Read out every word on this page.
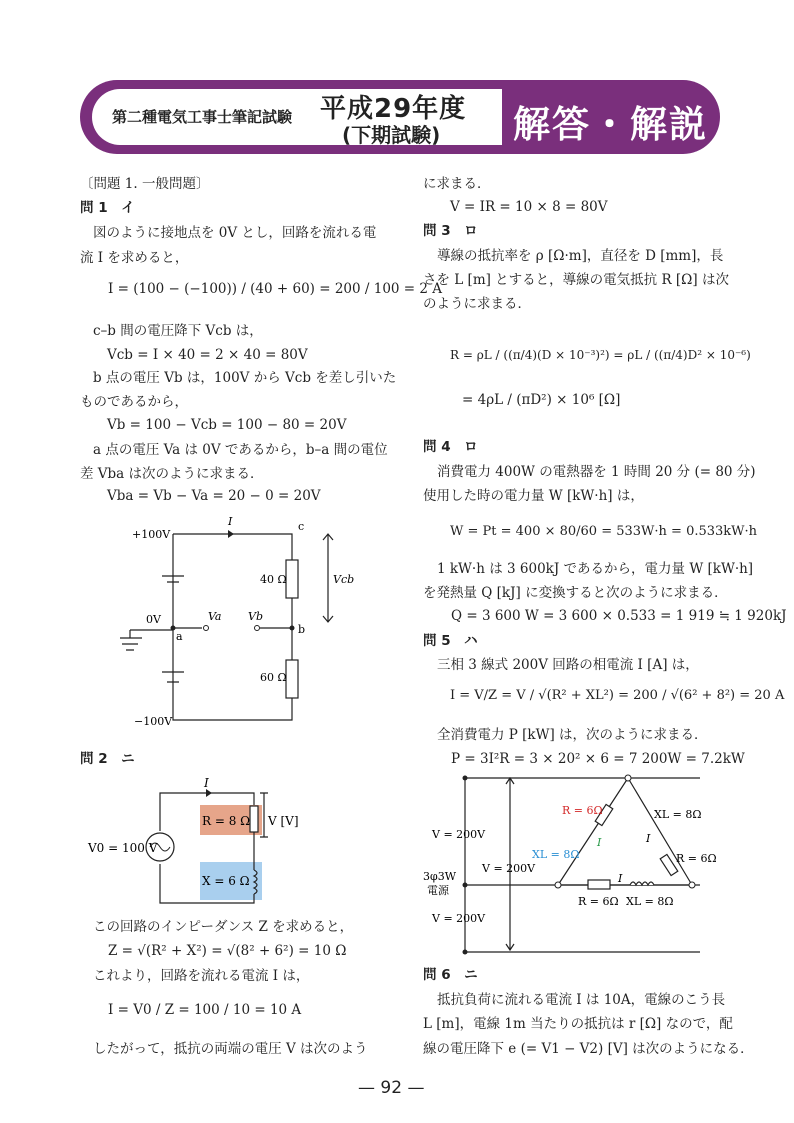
第二種電気工事士筆記試験 平成29年度
(下期試験) 解答・解説
〔問題 1. 一般問題〕
問 1　イ
図のように接地点を 0V とし，回路を流れる電
流 I を求めると，
I = (100 − (−100)) / (40 + 60) = 200 / 100 = 2 A
c–b 間の電圧降下 Vcb は，
Vcb = I × 40 = 2 × 40 = 80V
b 点の電圧 Vb は，100V から Vcb を差し引いた
ものであるから，
Vb = 100 − Vcb = 100 − 80 = 20V
a 点の電圧 Va は 0V であるから，b–a 間の電位
差 Vba は次のように求まる．
Vba = Vb − Va = 20 − 0 = 20V
+100V
−100V
0V
a
b
c
I
40 Ω
60 Ω
Va Vb
Vcb
問 2　ニ
I
R = 8 Ω
X = 6 Ω
V [V]
V0 = 100 V
この回路のインピーダンス Z を求めると，
Z = √(R² + X²) = √(8² + 6²) = 10 Ω
これより，回路を流れる電流 I は，
I = V0 / Z = 100 / 10 = 10 A
したがって，抵抗の両端の電圧 V は次のよう
に求まる．
V = IR = 10 × 8 = 80V
問 3　ロ
導線の抵抗率を ρ [Ω·m]，直径を D [mm]，長
さを L [m] とすると，導線の電気抵抗 R [Ω] は次
のように求まる．
R = ρL / ((π/4)(D × 10⁻³)²) = ρL / ((π/4)D² × 10⁻⁶)
= 4ρL / (πD²) × 10⁶ [Ω]
問 4　ロ
消費電力 400W の電熱器を 1 時間 20 分 (= 80 分)
使用した時の電力量 W [kW·h] は，
W = Pt = 400 × 80/60 = 533W·h = 0.533kW·h
1 kW·h は 3 600kJ であるから，電力量 W [kW·h]
を発熱量 Q [kJ] に変換すると次のように求まる．
Q = 3 600 W = 3 600 × 0.533 = 1 919 ≒ 1 920kJ
問 5　ハ
三相 3 線式 200V 回路の相電流 I [A] は，
I = V/Z = V / √(R² + XL²) = 200 / √(6² + 8²) = 20 A
全消費電力 P [kW] は，次のように求まる．
P = 3I²R = 3 × 20² × 6 = 7 200W = 7.2kW
V = 200V
V = 200V
V = 200V
3φ3W
電源
R = 6Ω	XL = 8Ω
XL = 8Ω	R = 6Ω
R = 6Ω XL = 8Ω
I	I
I
問 6　ニ
抵抗負荷に流れる電流 I は 10A，電線のこう長
L [m]，電線 1m 当たりの抵抗は r [Ω] なので，配
線の電圧降下 e (= V1 − V2) [V] は次のようになる．
— 92 —
